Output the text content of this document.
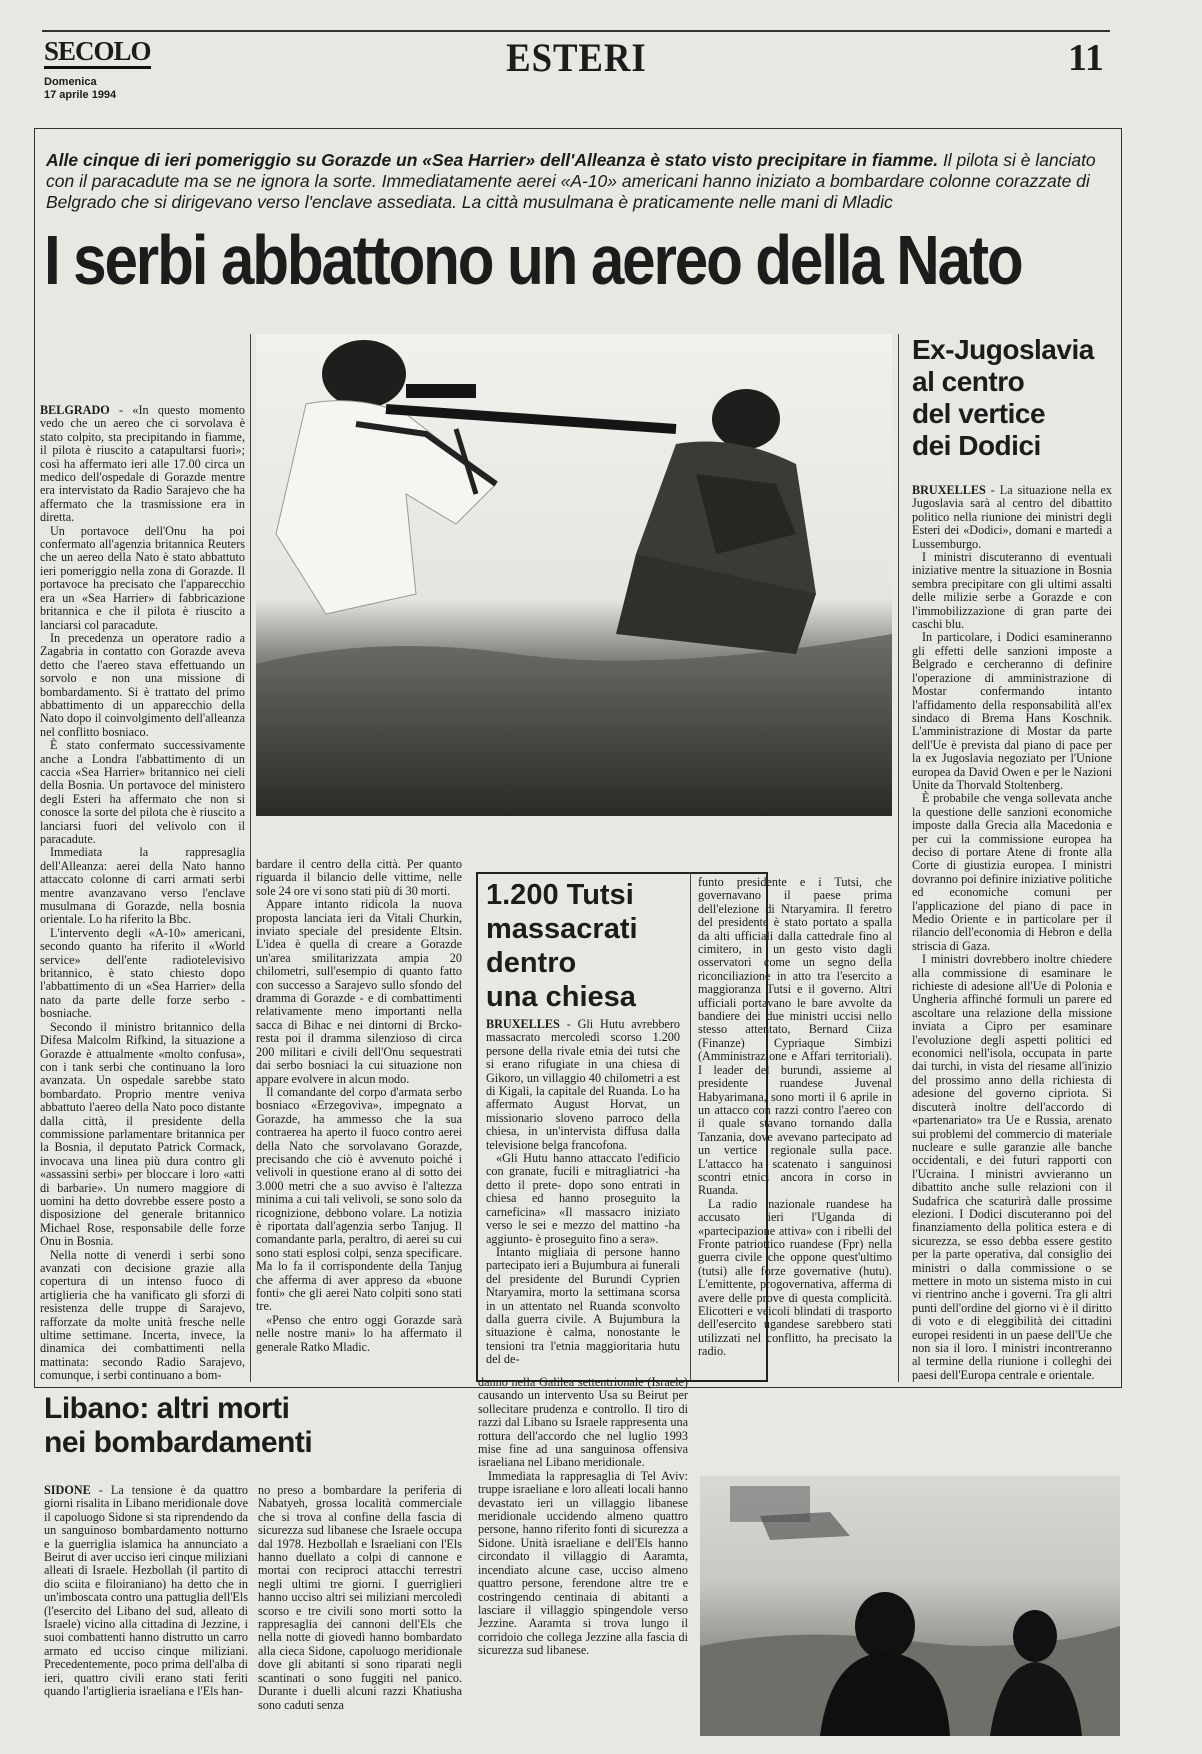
SECOLO
Domenica
17 aprile 1994
ESTERI	11
Alle cinque di ieri pomeriggio su Gorazde un «Sea Harrier» dell'Alleanza è stato visto precipitare in fiamme. Il pilota si è lanciato con il paracadute ma se ne ignora la sorte. Immediatamente aerei «A-10» americani hanno iniziato a bombardare colonne corazzate di Belgrado che si dirigevano verso l'enclave assediata. La città musulmana è praticamente nelle mani di Mladic
I serbi abbattono un aereo della Nato

BELGRADO - «In questo momento vedo che un aereo che ci sorvolava è stato colpito, sta precipitando in fiamme, il pilota è riuscito a catapultarsi fuori»; così ha affermato ieri alle 17.00 circa un medico dell'ospedale di Gorazde mentre era intervistato da Radio Sarajevo che ha affermato che la trasmissione era in diretta.

Un portavoce dell'Onu ha poi confermato all'agenzia britannica Reuters che un aereo della Nato è stato abbattuto ieri pomeriggio nella zona di Gorazde. Il portavoce ha precisato che l'apparecchio era un «Sea Harrier» di fabbricazione britannica e che il pilota è riuscito a lanciarsi col paracadute.

In precedenza un operatore radio a Zagabria in contatto con Gorazde aveva detto che l'aereo stava effettuando un sorvolo e non una missione di bombardamento. Si è trattato del primo abbattimento di un apparecchio della Nato dopo il coinvolgimento dell'alleanza nel conflitto bosniaco.

È stato confermato successivamente anche a Londra l'abbattimento di un caccia «Sea Harrier» britannico nei cieli della Bosnia. Un portavoce del ministero degli Esteri ha affermato che non si conosce la sorte del pilota che è riuscito a lanciarsi fuori del velivolo con il paracadute.

Immediata la rappresaglia dell'Alleanza: aerei della Nato hanno attaccato colonne di carri armati serbi mentre avanzavano verso l'enclave musulmana di Gorazde, nella bosnia orientale. Lo ha riferito la Bbc.

L'intervento degli «A-10» americani, secondo quanto ha riferito il «World service» dell'ente radiotelevisivo britannico, è stato chiesto dopo l'abbattimento di un «Sea Harrier» della nato da parte delle forze serbo - bosniache.

Secondo il ministro britannico della Difesa Malcolm Rifkind, la situazione a Gorazde è attualmente «molto confusa», con i tank serbi che continuano la loro avanzata. Un ospedale sarebbe stato bombardato. Proprio mentre veniva abbattuto l'aereo della Nato poco distante dalla città, il presidente della commissione parlamentare britannica per la Bosnia, il deputato Patrick Cormack, invocava una linea più dura contro gli «assassini serbi» per bloccare i loro «atti di barbarie». Un numero maggiore di uomini ha detto dovrebbe essere posto a disposizione del generale britannico Michael Rose, responsabile delle forze Onu in Bosnia.

Nella notte di venerdì i serbi sono avanzati con decisione grazie alla copertura di un intenso fuoco di artiglieria che ha vanificato gli sforzi di resistenza delle truppe di Sarajevo, rafforzate da molte unità fresche nelle ultime settimane. Incerta, invece, la dinamica dei combattimenti nella mattinata: secondo Radio Sarajevo, comunque, i serbi continuano a bom-

bardare il centro della città. Per quanto riguarda il bilancio delle vittime, nelle sole 24 ore vi sono stati più di 30 morti.

Appare intanto ridicola la nuova proposta lanciata ieri da Vitali Churkin, inviato speciale del presidente Eltsin. L'idea è quella di creare a Gorazde un'area smilitarizzata ampia 20 chilometri, sull'esempio di quanto fatto con successo a Sarajevo sullo sfondo del dramma di Gorazde - e di combattimenti relativamente meno importanti nella sacca di Bihac e nei dintorni di Brcko- resta poi il dramma silenzioso di circa 200 militari e civili dell'Onu sequestrati dai serbo bosniaci la cui situazione non appare evolvere in alcun modo.

Il comandante del corpo d'armata serbo bosniaco «Erzegoviva», impegnato a Gorazde, ha ammesso che la sua contraerea ha aperto il fuoco contro aerei della Nato che sorvolavano Gorazde, precisando che ciò è avvenuto poiché i velivoli in questione erano al di sotto dei 3.000 metri che a suo avviso è l'altezza minima a cui tali velivoli, se sono solo da ricognizione, debbono volare. La notizia è riportata dall'agenzia serbo Tanjug. Il comandante parla, peraltro, di aerei su cui sono stati esplosi colpi, senza specificare. Ma lo fa il corrispondente della Tanjug che afferma di aver appreso da «buone fonti» che gli aerei Nato colpiti sono stati tre.

«Penso che entro oggi Gorazde sarà nelle nostre mani» lo ha affermato il generale Ratko Mladic.

1.200 Tutsi
massacrati
dentro
una chiesa

BRUXELLES - Gli Hutu avrebbero massacrato mercoledì scorso 1.200 persone della rivale etnia dei tutsi che si erano rifugiate in una chiesa di Gikoro, un villaggio 40 chilometri a est di Kigali, la capitale del Ruanda. Lo ha affermato August Horvat, un missionario sloveno parroco della chiesa, in un'intervista diffusa dalla televisione belga francofona.

«Gli Hutu hanno attaccato l'edificio con granate, fucili e mitragliatrici -ha detto il prete- dopo sono entrati in chiesa ed hanno proseguito la carneficina» «Il massacro iniziato verso le sei e mezzo del mattino -ha aggiunto- è proseguito fino a sera».

Intanto migliaia di persone hanno partecipato ieri a Bujumbura ai funerali del presidente del Burundi Cyprien Ntaryamira, morto la settimana scorsa in un attentato nel Ruanda sconvolto dalla guerra civile. A Bujumbura la situazione è calma, nonostante le tensioni tra l'etnia maggioritaria hutu del de-

funto presidente e i Tutsi, che governavano il paese prima dell'elezione di Ntaryamira. Il feretro del presidente è stato portato a spalla da alti ufficiali dalla cattedrale fino al cimitero, in un gesto visto dagli osservatori come un segno della riconciliazione in atto tra l'esercito a maggioranza Tutsi e il governo. Altri ufficiali portavano le bare avvolte da bandiere dei due ministri uccisi nello stesso attentato, Bernard Ciiza (Finanze) Cypriaque Simbizi (Amministrazione e Affari territoriali). I leader del burundi, assieme al presidente ruandese Juvenal Habyarimana, sono morti il 6 aprile in un attacco con razzi contro l'aereo con il quale stavano tornando dalla Tanzania, dove avevano partecipato ad un vertice regionale sulla pace. L'attacco ha scatenato i sanguinosi scontri etnici ancora in corso in Ruanda.

La radio nazionale ruandese ha accusato ieri l'Uganda di «partecipazione attiva» con i ribelli del Fronte patriottico ruandese (Fpr) nella guerra civile che oppone quest'ultimo (tutsi) alle forze governative (hutu). L'emittente, progovernativa, afferma di avere delle prove di questa complicità. Elicotteri e veicoli blindati di trasporto dell'esercito ugandese sarebbero stati utilizzati nel conflitto, ha precisato la radio.

Ex-Jugoslavia
al centro
del vertice
dei Dodici

BRUXELLES - La situazione nella ex Jugoslavia sarà al centro del dibattito politico nella riunione dei ministri degli Esteri dei «Dodici», domani e martedì a Lussemburgo.

I ministri discuteranno di eventuali iniziative mentre la situazione in Bosnia sembra precipitare con gli ultimi assalti delle milizie serbe a Gorazde e con l'immobilizzazione di gran parte dei caschi blu.

In particolare, i Dodici esamineranno gli effetti delle sanzioni imposte a Belgrado e cercheranno di definire l'operazione di amministrazione di Mostar confermando intanto l'affidamento della responsabilità all'ex sindaco di Brema Hans Koschnik. L'amministrazione di Mostar da parte dell'Ue è prevista dal piano di pace per la ex Jugoslavia negoziato per l'Unione europea da David Owen e per le Nazioni Unite da Thorvald Stoltenberg.

È probabile che venga sollevata anche la questione delle sanzioni economiche imposte dalla Grecia alla Macedonia e per cui la commissione europea ha deciso di portare Atene di fronte alla Corte di giustizia europea. I ministri dovranno poi definire iniziative politiche ed economiche comuni per l'applicazione del piano di pace in Medio Oriente e in particolare per il rilancio dell'economia di Hebron e della striscia di Gaza.

I ministri dovrebbero inoltre chiedere alla commissione di esaminare le richieste di adesione all'Ue di Polonia e Ungheria affinché formuli un parere ed ascoltare una relazione della missione inviata a Cipro per esaminare l'evoluzione degli aspetti politici ed economici nell'isola, occupata in parte dai turchi, in vista del riesame all'inizio del prossimo anno della richiesta di adesione del governo cipriota. Si discuterà inoltre dell'accordo di «partenariato» tra Ue e Russia, arenato sui problemi del commercio di materiale nucleare e sulle garanzie alle banche occidentali, e dei futuri rapporti con l'Ucraina. I ministri avvieranno un dibattito anche sulle relazioni con il Sudafrica che scaturirà dalle prossime elezioni. I Dodici discuteranno poi del finanziamento della politica estera e di sicurezza, se esso debba essere gestito per la parte operativa, dal consiglio dei ministri o dalla commissione o se mettere in moto un sistema misto in cui vi rientrino anche i governi. Tra gli altri punti dell'ordine del giorno vi è il diritto di voto e di eleggibilità dei cittadini europei residenti in un paese dell'Ue che non sia il loro. I ministri incontreranno al termine della riunione i colleghi dei paesi dell'Europa centrale e orientale.

Libano: altri morti
nei bombardamenti

SIDONE - La tensione è da quattro giorni risalita in Libano meridionale dove il capoluogo Sidone si sta riprendendo da un sanguinoso bombardamento notturno e la guerriglia islamica ha annunciato a Beirut di aver ucciso ieri cinque miliziani alleati di Israele. Hezbollah (il partito di dio sciita e filoiraniano) ha detto che in un'imboscata contro una pattuglia dell'Els (l'esercito del Libano del sud, alleato di Israele) vicino alla cittadina di Jezzine, i suoi combattenti hanno distrutto un carro armato ed ucciso cinque miliziani. Precedentemente, poco prima dell'alba di ieri, quattro civili erano stati feriti quando l'artiglieria israeliana e l'Els han-

no preso a bombardare la periferia di Nabatyeh, grossa località commerciale che si trova al confine della fascia di sicurezza sud libanese che Israele occupa dal 1978. Hezbollah e Israeliani con l'Els hanno duellato a colpi di cannone e mortai con reciproci attacchi terrestri negli ultimi tre giorni. I guerriglieri hanno ucciso altri sei miliziani mercoledì scorso e tre civili sono morti sotto la rappresaglia dei cannoni dell'Els che nella notte di giovedì hanno bombardato alla cieca Sidone, capoluogo meridionale dove gli abitanti si sono riparati negli scantinati o sono fuggiti nel panico. Durante i duelli alcuni razzi Khatiusha sono caduti senza

danno nella Galilea settentrionale (Israele) causando un intervento Usa su Beirut per sollecitare prudenza e controllo. Il tiro di razzi dal Libano su Israele rappresenta una rottura dell'accordo che nel luglio 1993 mise fine ad una sanguinosa offensiva israeliana nel Libano meridionale.

Immediata la rappresaglia di Tel Aviv: truppe israeliane e loro alleati locali hanno devastato ieri un villaggio libanese meridionale uccidendo almeno quattro persone, hanno riferito fonti di sicurezza a Sidone. Unità israeliane e dell'Els hanno circondato il villaggio di Aaramta, incendiato alcune case, ucciso almeno quattro persone, ferendone altre tre e costringendo centinaia di abitanti a lasciare il villaggio spingendole verso Jezzine. Aaramta si trova lungo il corridoio che collega Jezzine alla fascia di sicurezza sud libanese.
